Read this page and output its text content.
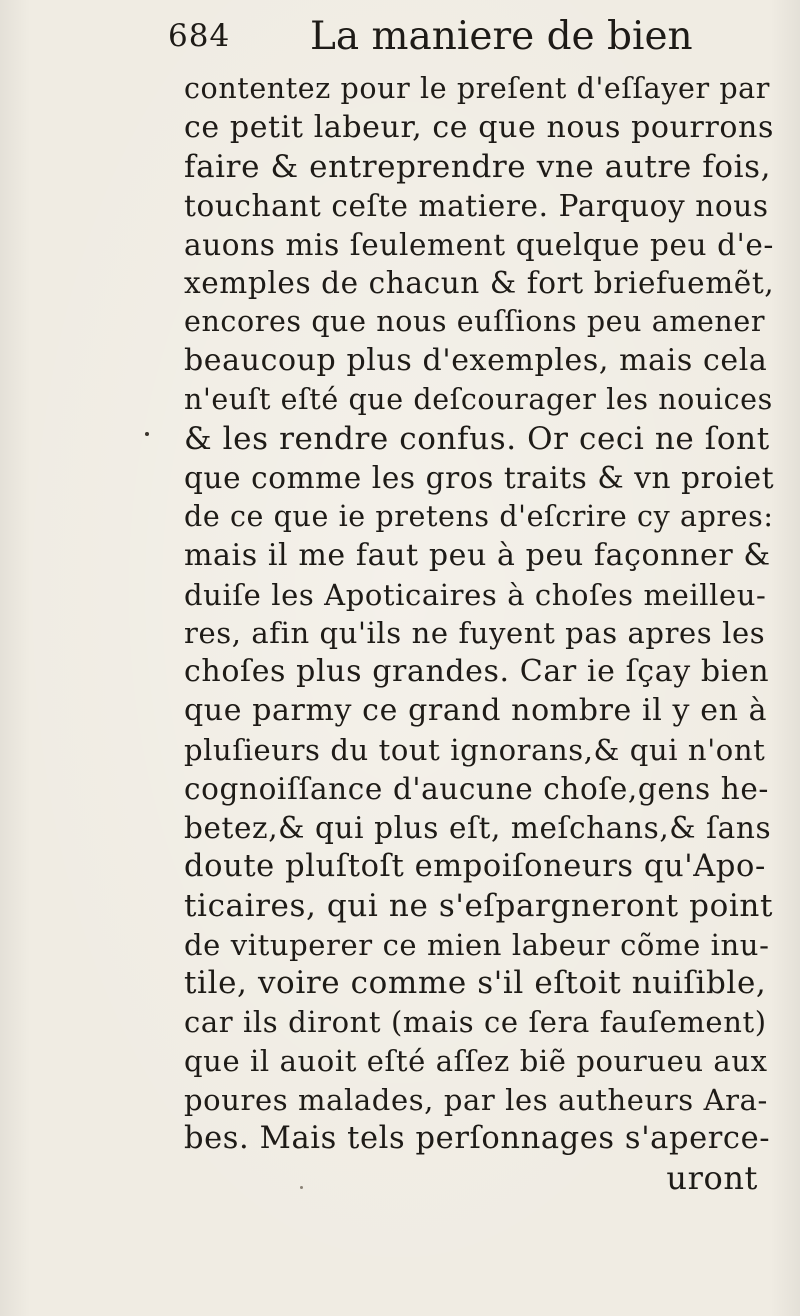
684 La maniere de bien
contentez pour le preſent d'eſſayer par
ce petit labeur, ce que nous pourrons
faire & entreprendre vne autre fois,
touchant ceſte matiere. Parquoy nous
auons mis ſeulement quelque peu d'e-
xemples de chacun & fort briefuemẽt,
encores que nous euſſions peu amener
beaucoup plus d'exemples, mais cela
n'euſt eſté que deſcourager les nouices
& les rendre confus. Or ceci ne ſont
que comme les gros traits & vn proiet
de ce que ie pretens d'eſcrire cy apres:
mais il me faut peu à peu façonner &
duiſe les Apoticaires à choſes meilleu-
res, afin qu'ils ne fuyent pas apres les
choſes plus grandes. Car ie ſçay bien
que parmy ce grand nombre il y en à
pluſieurs du tout ignorans,& qui n'ont
cognoiſſance d'aucune choſe,gens he-
betez,& qui plus eſt, meſchans,& ſans
doute pluſtoſt empoiſoneurs qu'Apo-
ticaires, qui ne s'eſpargneront point
de vituperer ce mien labeur cõme inu-
tile, voire comme s'il eſtoit nuiſible,
car ils diront (mais ce ſera fauſement)
que il auoit eſté aſſez biẽ pourueu aux
poures malades, par les autheurs Ara-
bes. Mais tels perſonnages s'aperce-
uront
